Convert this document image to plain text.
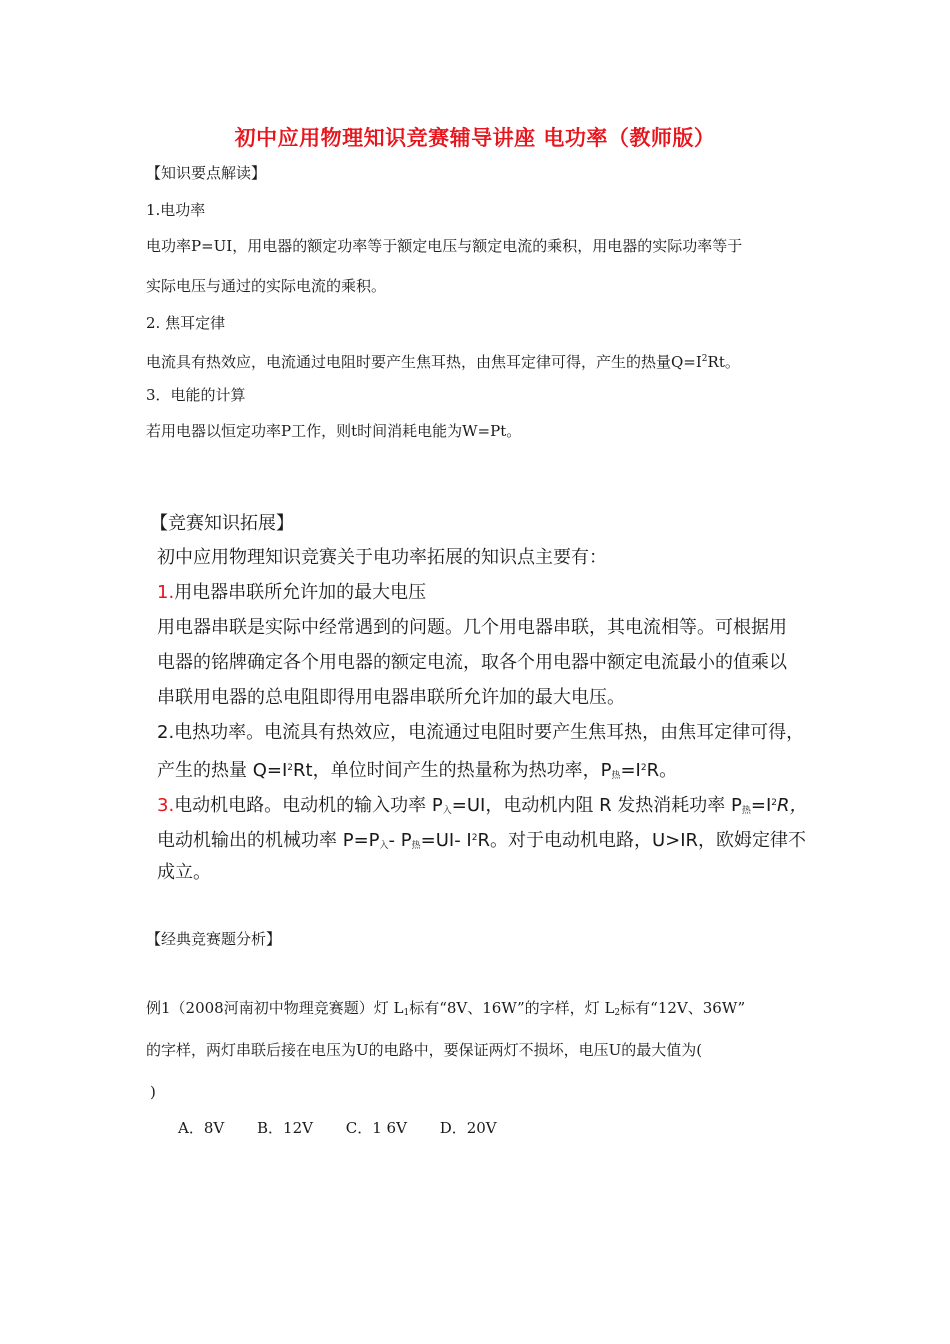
初中应用物理知识竞赛辅导讲座 电功率（教师版）
【知识要点解读】
1.电功率
电功率P=UI，用电器的额定功率等于额定电压与额定电流的乘积，用电器的实际功率等于
实际电压与通过的实际电流的乘积。
2. 焦耳定律
电流具有热效应，电流通过电阻时要产生焦耳热，由焦耳定律可得，产生的热量$Q=I^2Rt$。
3．电能的计算
若用电器以恒定功率P工作，则t时间消耗电能为W=Pt。
【竞赛知识拓展】
初中应用物理知识竞赛关于电功率拓展的知识点主要有：
1.用电器串联所允许加的最大电压
用电器串联是实际中经常遇到的问题。几个用电器串联，其电流相等。可根据用
电器的铭牌确定各个用电器的额定电流，取各个用电器中额定电流最小的值乘以
串联用电器的总电阻即得用电器串联所允许加的最大电压。
2.电热功率。电流具有热效应，电流通过电阻时要产生焦耳热，由焦耳定律可得，
产生的热量 $Q=I^2Rt$，单位时间产生的热量称为热功率，$P_热=I^2R$。
3.电动机电路。电动机的输入功率 $P_入=UI$，电动机内阻 R 发热消耗功率 $P_热=I^2R$，
电动机输出的机械功率 $P=P_入-$ $P_热=UI-$ $I^2R$。对于电动机电路，U>IR，欧姆定律不
成立。
【经典竞赛题分析】
例1（2008河南初中物理竞赛题）灯 $L_1$标有“8V、16W”的字样，灯 $L_2$标有“12V、36W”
的字样，两灯串联后接在电压为U的电路中，要保证两灯不损坏，电压U的最大值为(
)
A．8V B．12V C．1 6V D．20V
